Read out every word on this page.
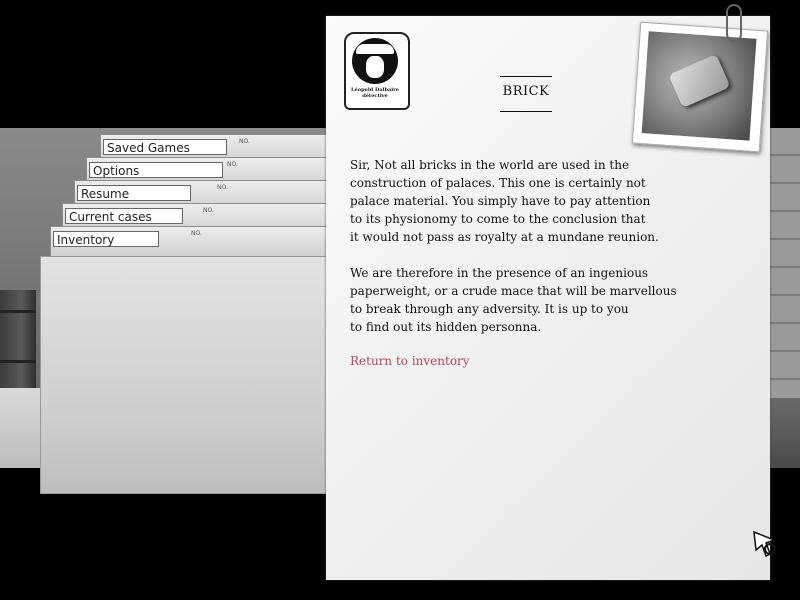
Saved Games	NO.
Options	NO.
Resume	NO.
Current cases	NO.
Inventory	NO.
Léopold Dalbaire
détective	BRICK

Sir, Not all bricks in the world are used in the
construction of palaces. This one is certainly not
palace material. You simply have to pay attention
to its physionomy to come to the conclusion that
it would not pass as royalty at a mundane reunion.

We are therefore in the presence of an ingenious
paperweight, or a crude mace that will be marvellous
to break through any adversity. It is up to you
to find out its hidden personna.

Return to inventory
